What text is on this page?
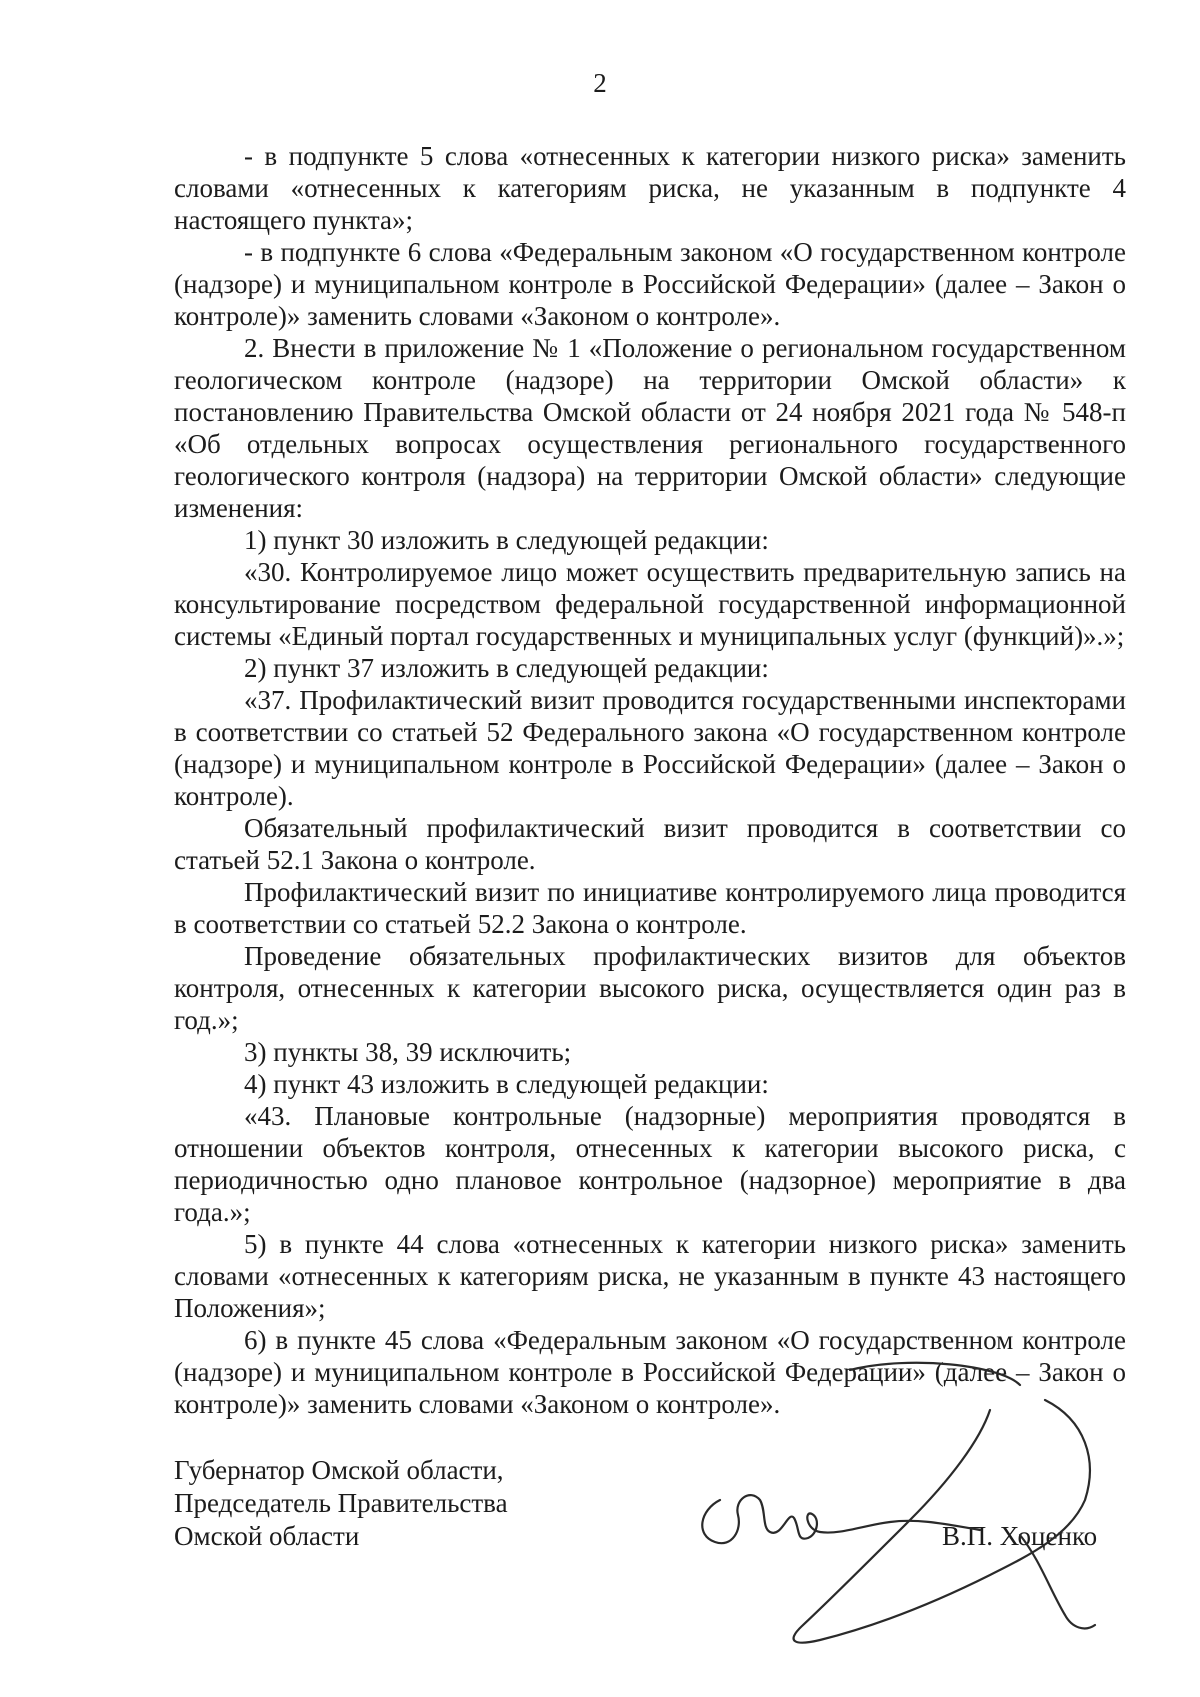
2

- в подпункте 5 слова «отнесенных к категории низкого риска» заменить словами «отнесенных к категориям риска, не указанным в подпункте 4 настоящего пункта»;

- в подпункте 6 слова «Федеральным законом «О государственном контроле (надзоре) и муниципальном контроле в Российской Федерации» (далее – Закон о контроле)» заменить словами «Законом о контроле».

2. Внести в приложение № 1 «Положение о региональном государственном геологическом контроле (надзоре) на территории Омской области» к постановлению Правительства Омской области от 24 ноября 2021 года № 548-п «Об отдельных вопросах осуществления регионального государственного геологического контроля (надзора) на территории Омской области» следующие изменения:

1) пункт 30 изложить в следующей редакции:

«30. Контролируемое лицо может осуществить предварительную запись на консультирование посредством федеральной государственной информационной системы «Единый портал государственных и муниципальных услуг (функций)».»;

2) пункт 37 изложить в следующей редакции:

«37. Профилактический визит проводится государственными инспекторами в соответствии со статьей 52 Федерального закона «О государственном контроле (надзоре) и муниципальном контроле в Российской Федерации» (далее – Закон о контроле).

Обязательный профилактический визит проводится в соответствии со статьей 52.1 Закона о контроле.

Профилактический визит по инициативе контролируемого лица проводится в соответствии со статьей 52.2 Закона о контроле.

Проведение обязательных профилактических визитов для объектов контроля, отнесенных к категории высокого риска, осуществляется один раз в год.»;

3) пункты 38, 39 исключить;

4) пункт 43 изложить в следующей редакции:

«43. Плановые контрольные (надзорные) мероприятия проводятся в отношении объектов контроля, отнесенных к категории высокого риска, с периодичностью одно плановое контрольное (надзорное) мероприятие в два года.»;

5) в пункте 44 слова «отнесенных к категории низкого риска» заменить словами «отнесенных к категориям риска, не указанным в пункте 43 настоящего Положения»;

6) в пункте 45 слова «Федеральным законом «О государственном контроле (надзоре) и муниципальном контроле в Российской Федерации» (далее – Закон о контроле)» заменить словами «Законом о контроле».

Губернатор Омской области,
Председатель Правительства
Омской области	В.П. Хоценко
